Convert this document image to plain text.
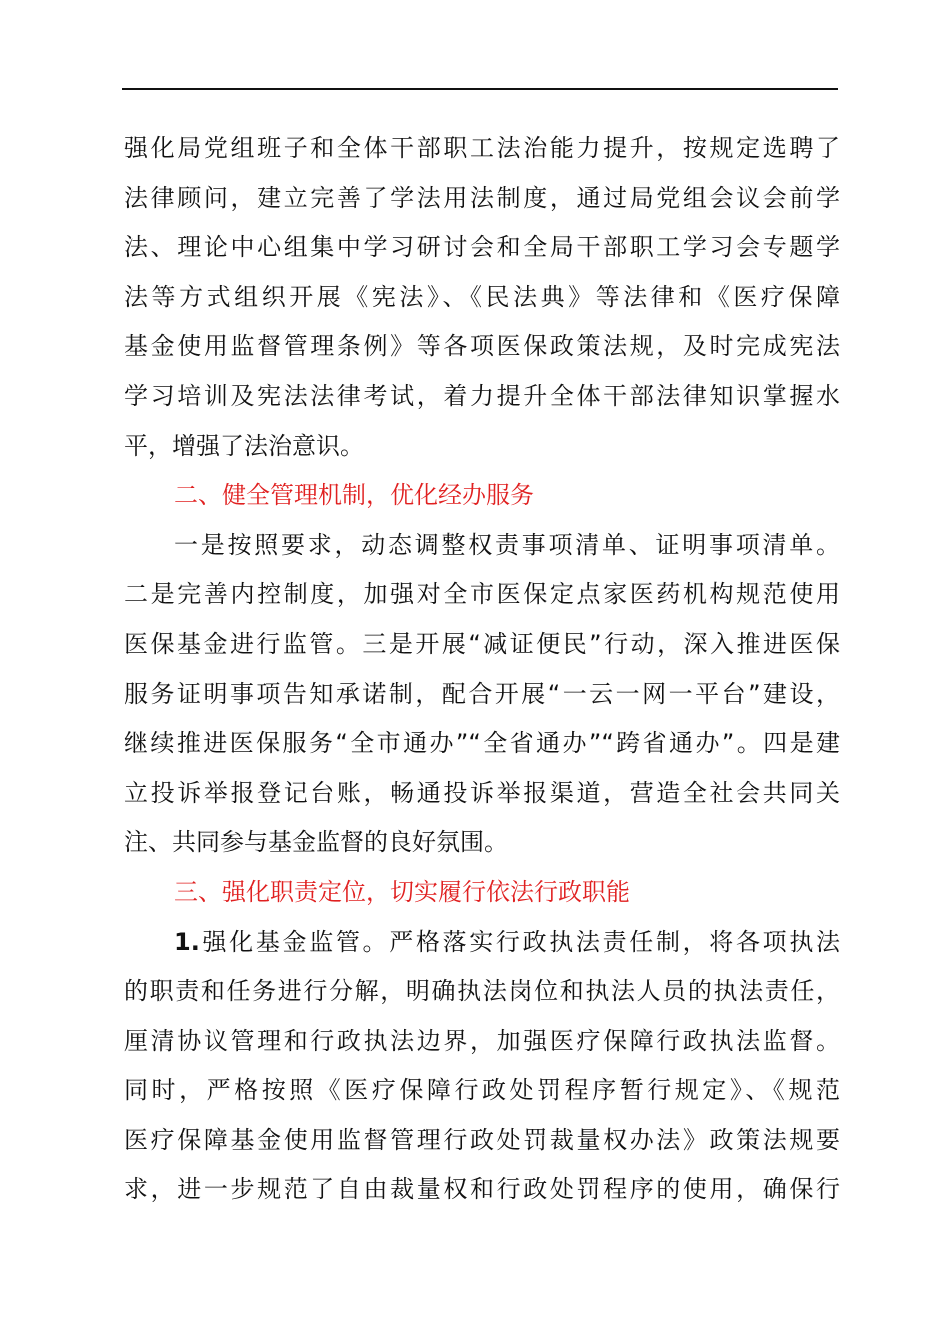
强化局党组班子和全体干部职工法治能力提升，按规定选聘了
法律顾问，建立完善了学法用法制度，通过局党组会议会前学
法、理论中心组集中学习研讨会和全局干部职工学习会专题学
法等方式组织开展《宪法》、《民法典》等法律和《医疗保障
基金使用监督管理条例》等各项医保政策法规，及时完成宪法
学习培训及宪法法律考试，着力提升全体干部法律知识掌握水
平，增强了法治意识。
二、健全管理机制，优化经办服务
一是按照要求，动态调整权责事项清单、证明事项清单。
二是完善内控制度，加强对全市医保定点家医药机构规范使用
医保基金进行监管。三是开展“减证便民”行动，深入推进医保
服务证明事项告知承诺制，配合开展“一云一网一平台”建设，
继续推进医保服务“全市通办”“全省通办”“跨省通办”。四是建
立投诉举报登记台账，畅通投诉举报渠道，营造全社会共同关
注、共同参与基金监督的良好氛围。
三、强化职责定位，切实履行依法行政职能
1.强化基金监管。严格落实行政执法责任制，将各项执法
的职责和任务进行分解，明确执法岗位和执法人员的执法责任，
厘清协议管理和行政执法边界，加强医疗保障行政执法监督。
同时，严格按照《医疗保障行政处罚程序暂行规定》、《规范
医疗保障基金使用监督管理行政处罚裁量权办法》政策法规要
求，进一步规范了自由裁量权和行政处罚程序的使用，确保行
